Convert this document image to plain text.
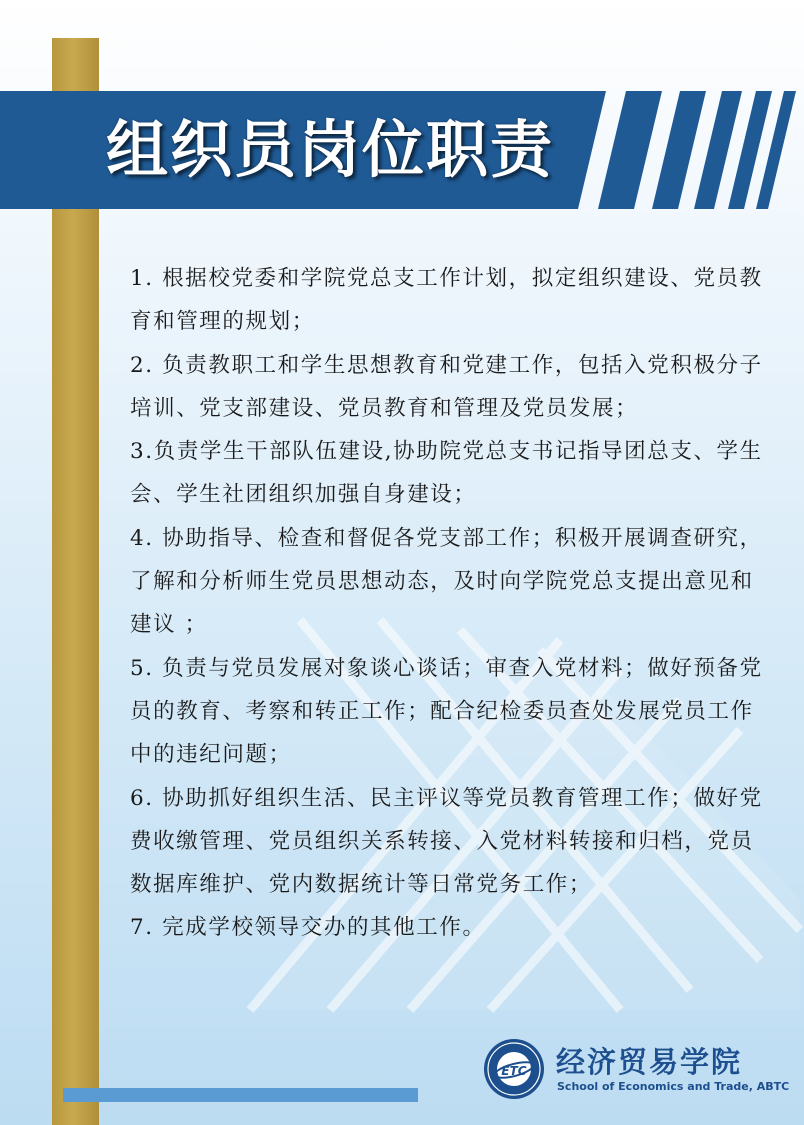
组织员岗位职责

1. 根据校党委和学院党总支工作计划，拟定组织建设、党员教育和管理的规划；

2. 负责教职工和学生思想教育和党建工作，包括入党积极分子培训、党支部建设、党员教育和管理及党员发展；

3.负责学生干部队伍建设,协助院党总支书记指导团总支、学生会、学生社团组织加强自身建设；

4. 协助指导、检查和督促各党支部工作；积极开展调查研究，了解和分析师生党员思想动态，及时向学院党总支提出意见和建议 ；

5. 负责与党员发展对象谈心谈话；审查入党材料；做好预备党员的教育、考察和转正工作；配合纪检委员查处发展党员工作中的违纪问题；

6. 协助抓好组织生活、民主评议等党员教育管理工作；做好党费收缴管理、党员组织关系转接、入党材料转接和归档，党员数据库维护、党内数据统计等日常党务工作；

7. 完成学校领导交办的其他工作。

ETC 经济贸易学院
School of Economics and Trade, ABTC
